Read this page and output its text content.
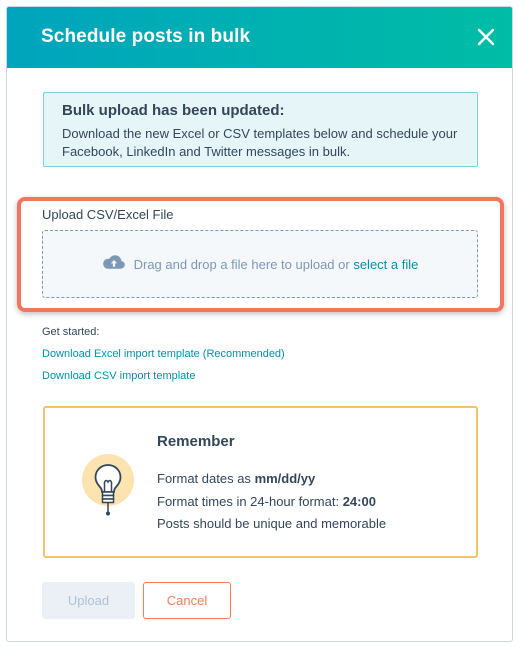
Schedule posts in bulk
Bulk upload has been updated:
Download the new Excel or CSV templates below and schedule your Facebook, LinkedIn and Twitter messages in bulk.
Upload CSV/Excel File
Drag and drop a file here to upload or select a file
Get started:
Download Excel import template (Recommended)
Download CSV import template
Remember
Format dates as mm/dd/yy
Format times in 24-hour format: 24:00
Posts should be unique and memorable
Upload	Cancel
